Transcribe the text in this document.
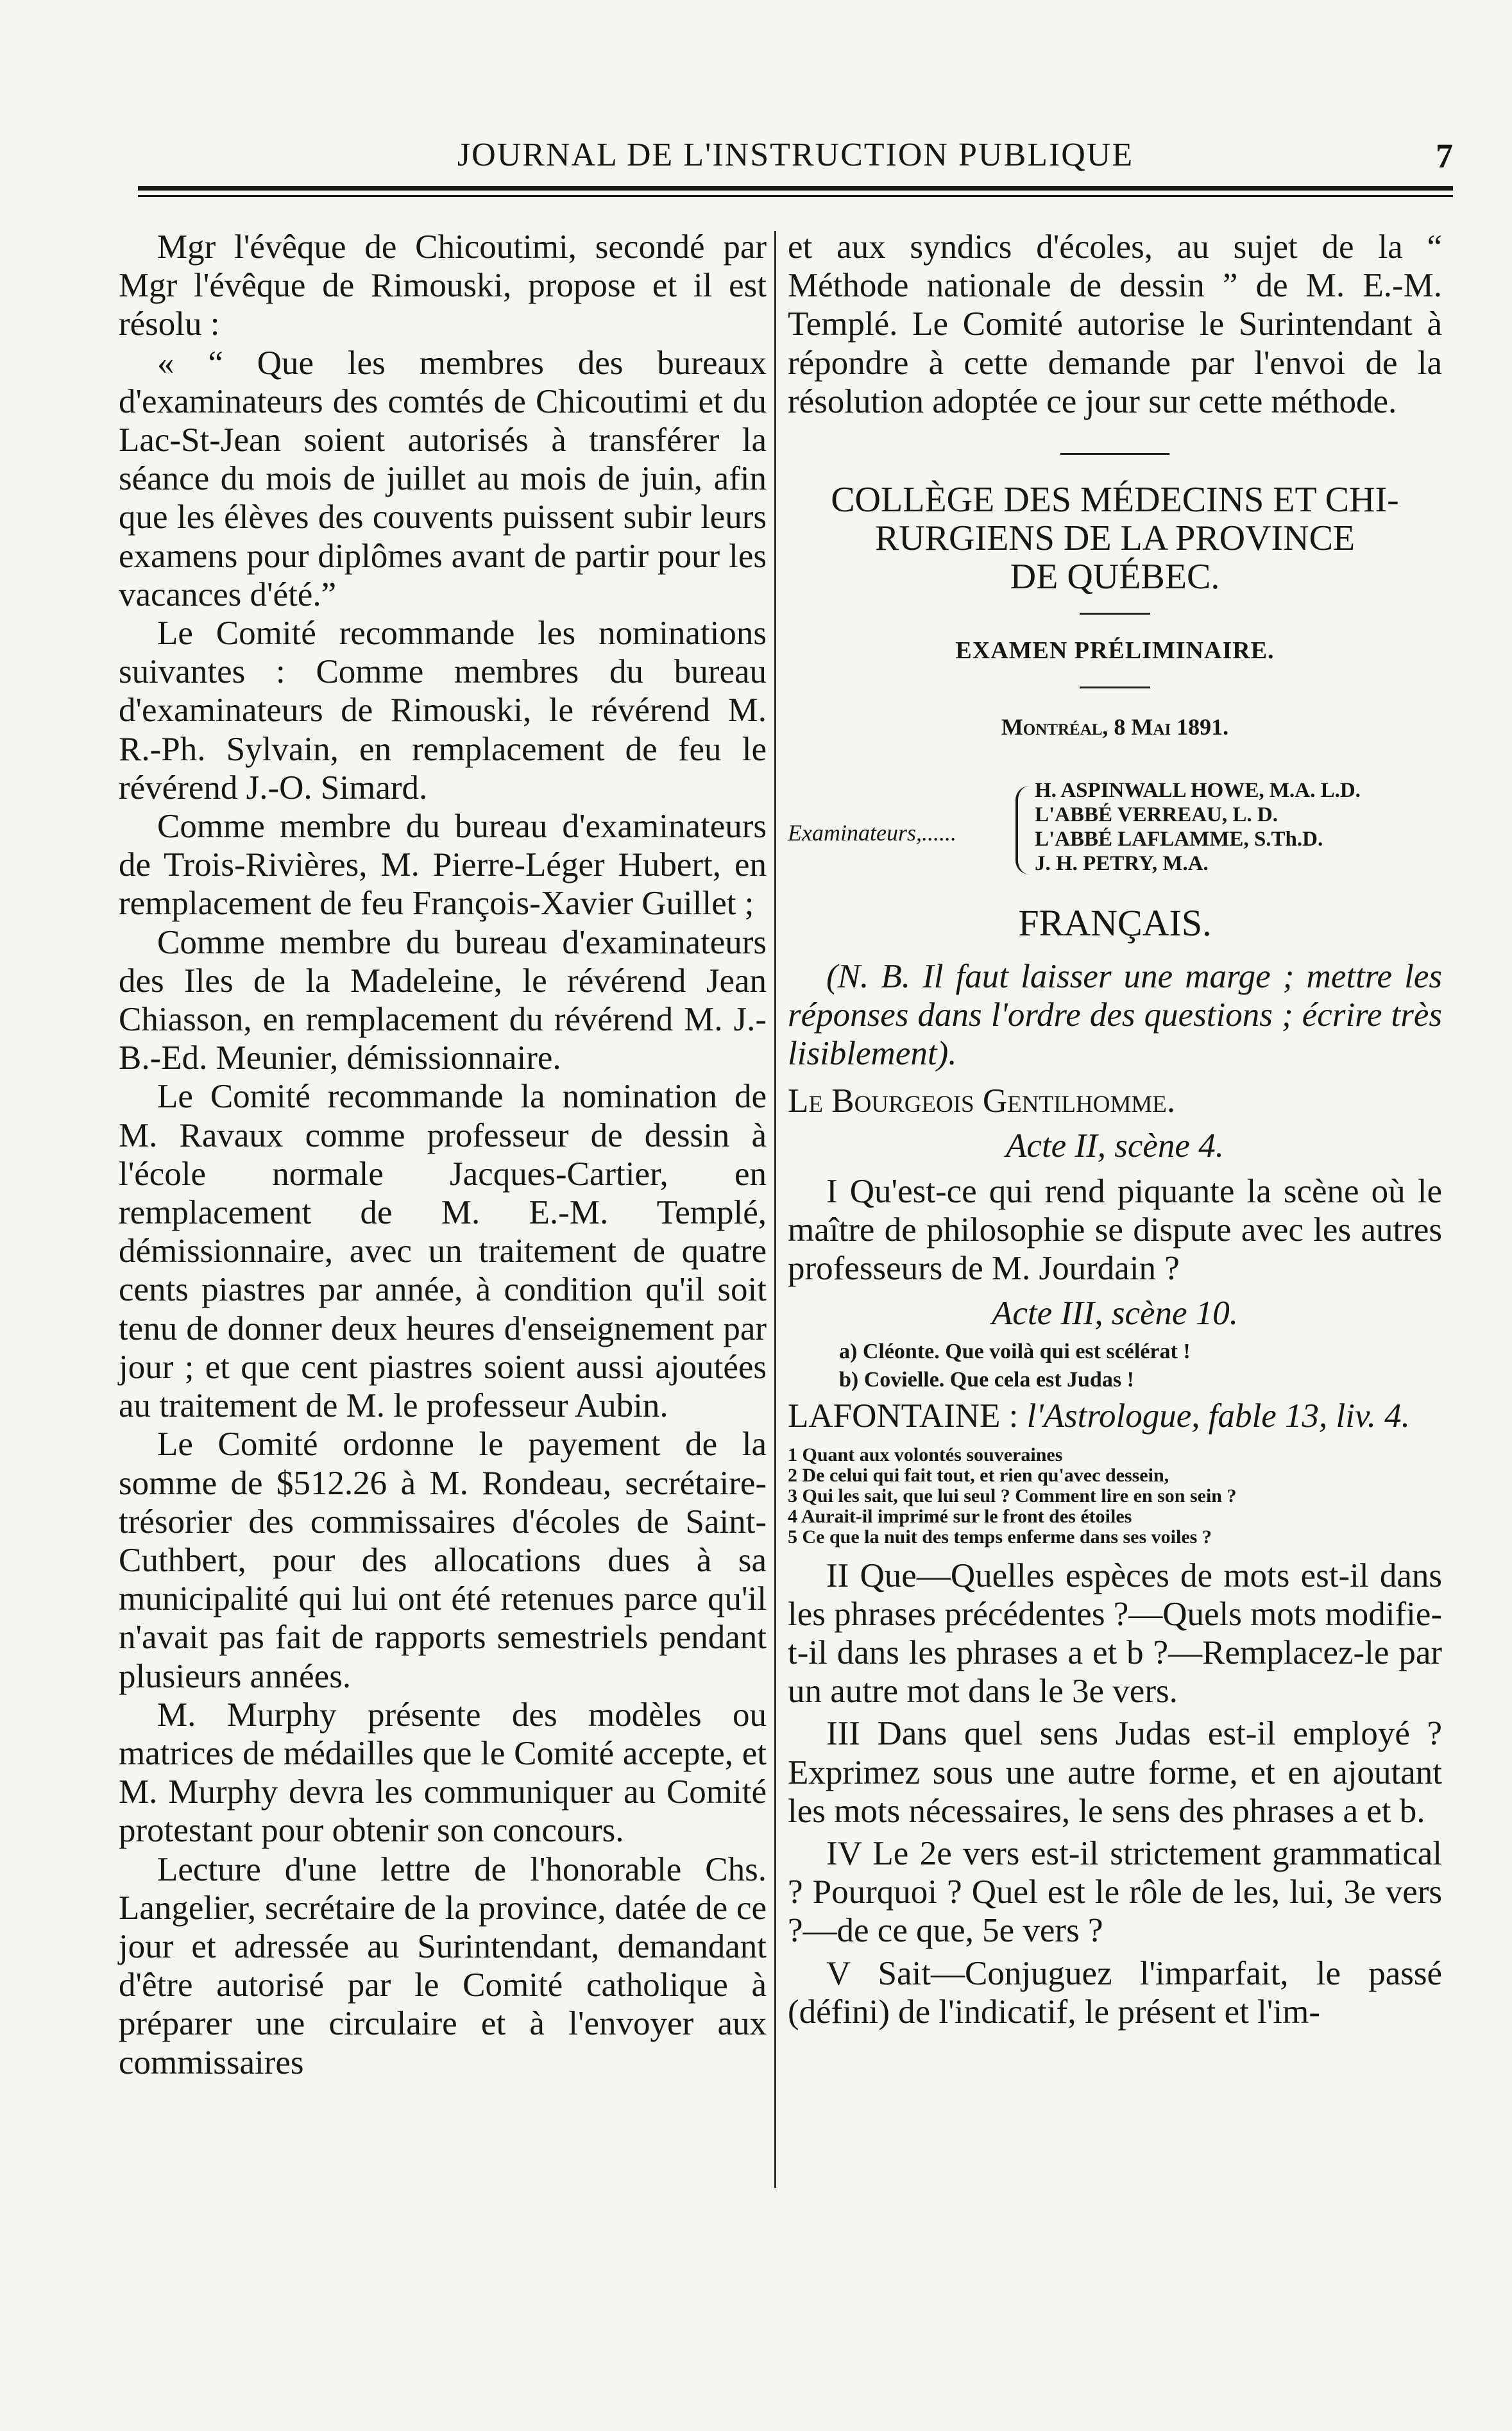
JOURNAL DE L'INSTRUCTION PUBLIQUE	7

Mgr l'évêque de Chicoutimi, secondé par Mgr l'évêque de Rimouski, propose et il est résolu :

« “ Que les membres des bureaux d'examinateurs des comtés de Chicoutimi et du Lac-St-Jean soient autorisés à transférer la séance du mois de juillet au mois de juin, afin que les élèves des couvents puissent subir leurs examens pour diplômes avant de partir pour les vacances d'été.”

Le Comité recommande les nominations suivantes : Comme membres du bureau d'examinateurs de Rimouski, le révérend M. R.-Ph. Sylvain, en remplacement de feu le révérend J.-O. Simard.

Comme membre du bureau d'examinateurs de Trois-Rivières, M. Pierre-Léger Hubert, en remplacement de feu François-Xavier Guillet ;

Comme membre du bureau d'examinateurs des Iles de la Madeleine, le révérend Jean Chiasson, en remplacement du révérend M. J.-B.-Ed. Meunier, démissionnaire.

Le Comité recommande la nomination de M. Ravaux comme professeur de dessin à l'école normale Jacques-Cartier, en remplacement de M. E.-M. Templé, démissionnaire, avec un traitement de quatre cents piastres par année, à condition qu'il soit tenu de donner deux heures d'enseignement par jour ; et que cent piastres soient aussi ajoutées au traitement de M. le professeur Aubin.

Le Comité ordonne le payement de la somme de $512.26 à M. Rondeau, secrétaire-trésorier des commissaires d'écoles de Saint-Cuthbert, pour des allocations dues à sa municipalité qui lui ont été retenues parce qu'il n'avait pas fait de rapports semestriels pendant plusieurs années.

M. Murphy présente des modèles ou matrices de médailles que le Comité accepte, et M. Murphy devra les communiquer au Comité protestant pour obtenir son concours.

Lecture d'une lettre de l'honorable Chs. Langelier, secrétaire de la province, datée de ce jour et adressée au Surintendant, demandant d'être autorisé par le Comité catholique à préparer une circulaire et à l'envoyer aux commissaires

et aux syndics d'écoles, au sujet de la “ Méthode nationale de dessin ” de M. E.-M. Templé. Le Comité autorise le Surintendant à répondre à cette demande par l'envoi de la résolution adoptée ce jour sur cette méthode.

COLLÈGE DES MÉDECINS ET CHI-
RURGIENS DE LA PROVINCE
DE QUÉBEC.

EXAMEN PRÉLIMINAIRE.

Montréal, 8 Mai 1891.

Examinateurs,......
H. ASPINWALL HOWE, M.A. L.D.
L'ABBÉ VERREAU, L. D.
L'ABBÉ LAFLAMME, S.Th.D.
J. H. PETRY, M.A.

FRANÇAIS.

(N. B. Il faut laisser une marge ; mettre les réponses dans l'ordre des questions ; écrire très lisiblement).

Le Bourgeois Gentilhomme.

Acte II, scène 4.

I Qu'est-ce qui rend piquante la scène où le maître de philosophie se dispute avec les autres professeurs de M. Jourdain ?

Acte III, scène 10.

a) Cléonte. Que voilà qui est scélérat !

b) Covielle. Que cela est Judas !

LAFONTAINE : l'Astrologue, fable 13, liv. 4.

1 Quant aux volontés souveraines
2 De celui qui fait tout, et rien qu'avec dessein,
3 Qui les sait, que lui seul ? Comment lire en son sein ?
4 Aurait-il imprimé sur le front des étoiles
5 Ce que la nuit des temps enferme dans ses voiles ?

II Que—Quelles espèces de mots est-il dans les phrases précédentes ?—Quels mots modifie-t-il dans les phrases a et b ?—Remplacez-le par un autre mot dans le 3e vers.

III Dans quel sens Judas est-il employé ? Exprimez sous une autre forme, et en ajoutant les mots nécessaires, le sens des phrases a et b.

IV Le 2e vers est-il strictement grammatical ? Pourquoi ? Quel est le rôle de les, lui, 3e vers ?—de ce que, 5e vers ?

V Sait—Conjuguez l'imparfait, le passé (défini) de l'indicatif, le présent et l'im-
